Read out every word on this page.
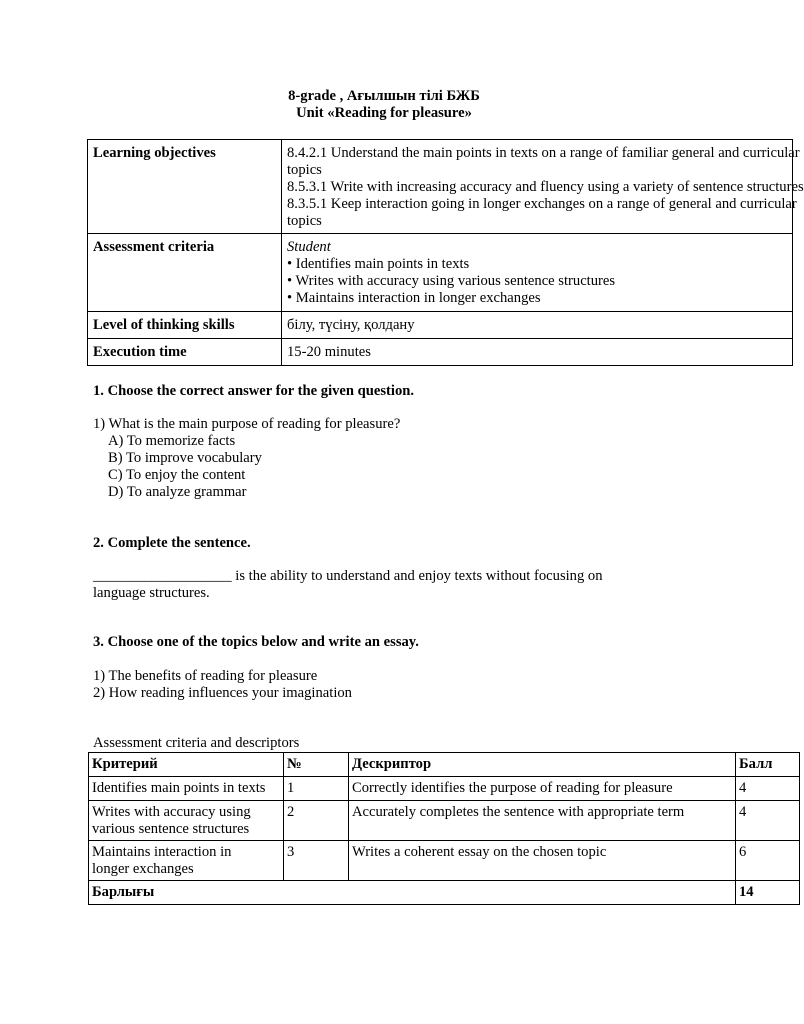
8-grade , Ағылшын тілі БЖБ
Unit «Reading for pleasure»
Learning objectives	8.4.2.1 Understand the main points in texts on a range of familiar general and curricular
topics
8.5.3.1 Write with increasing accuracy and fluency using a variety of sentence structures
8.3.5.1 Keep interaction going in longer exchanges on a range of general and curricular
topics

Assessment criteria	Student
• Identifies main points in texts
• Writes with accuracy using various sentence structures
• Maintains interaction in longer exchanges

Level of thinking skills	білу, түсіну, қолдану
Execution time	15-20 minutes
1. Choose the correct answer for the given question.
1) What is the main purpose of reading for pleasure?
A) To memorize facts
B) To improve vocabulary
C) To enjoy the content
D) To analyze grammar
2. Complete the sentence.
___________________ is the ability to understand and enjoy texts without focusing on
language structures.
3. Choose one of the topics below and write an essay.
1) The benefits of reading for pleasure
2) How reading influences your imagination
Assessment criteria and descriptors
Критерий	№	Дескриптор	Балл

Identifies main points in texts	1	Correctly identifies the purpose of reading for pleasure	4

Writes with accuracy using
various sentence structures	2	Accurately completes the sentence with appropriate term	4

Maintains interaction in
longer exchanges	3	Writes a coherent essay on the chosen topic	6
Барлығы			14
